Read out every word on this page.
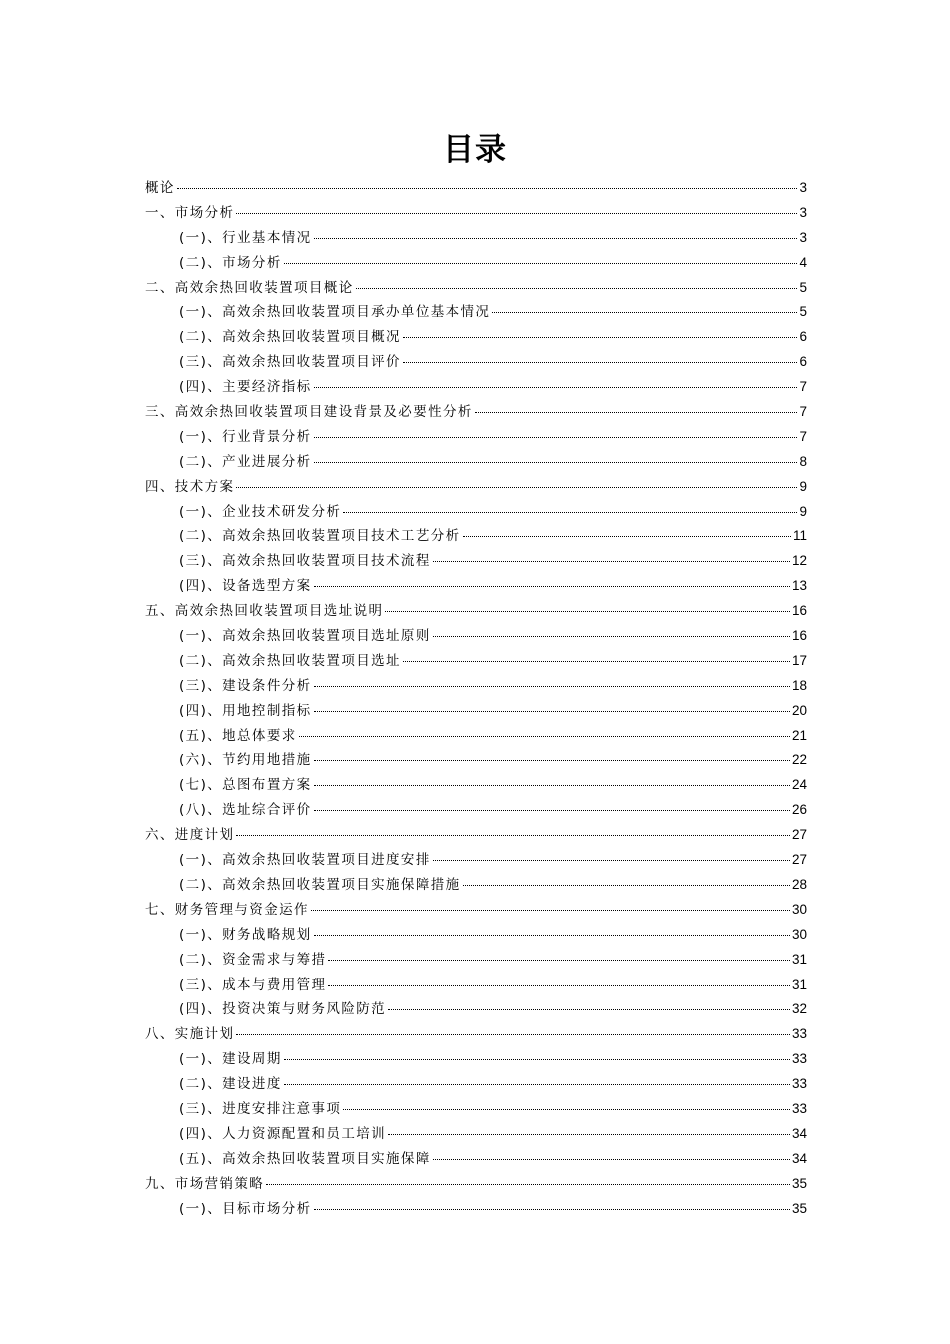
目录
概论	3
一、市场分析	3
(一)、行业基本情况	3
(二)、市场分析	4
二、高效余热回收装置项目概论	5
(一)、高效余热回收装置项目承办单位基本情况	5
(二)、高效余热回收装置项目概况	6
(三)、高效余热回收装置项目评价	6
(四)、主要经济指标	7
三、高效余热回收装置项目建设背景及必要性分析	7
(一)、行业背景分析	7
(二)、产业进展分析	8
四、技术方案	9
(一)、企业技术研发分析	9
(二)、高效余热回收装置项目技术工艺分析	11
(三)、高效余热回收装置项目技术流程	12
(四)、设备选型方案	13
五、高效余热回收装置项目选址说明	16
(一)、高效余热回收装置项目选址原则	16
(二)、高效余热回收装置项目选址	17
(三)、建设条件分析	18
(四)、用地控制指标	20
(五)、地总体要求	21
(六)、节约用地措施	22
(七)、总图布置方案	24
(八)、选址综合评价	26
六、进度计划	27
(一)、高效余热回收装置项目进度安排	27
(二)、高效余热回收装置项目实施保障措施	28
七、财务管理与资金运作	30
(一)、财务战略规划	30
(二)、资金需求与筹措	31
(三)、成本与费用管理	31
(四)、投资决策与财务风险防范	32
八、实施计划	33
(一)、建设周期	33
(二)、建设进度	33
(三)、进度安排注意事项	33
(四)、人力资源配置和员工培训	34
(五)、高效余热回收装置项目实施保障	34
九、市场营销策略	35
(一)、目标市场分析	35
